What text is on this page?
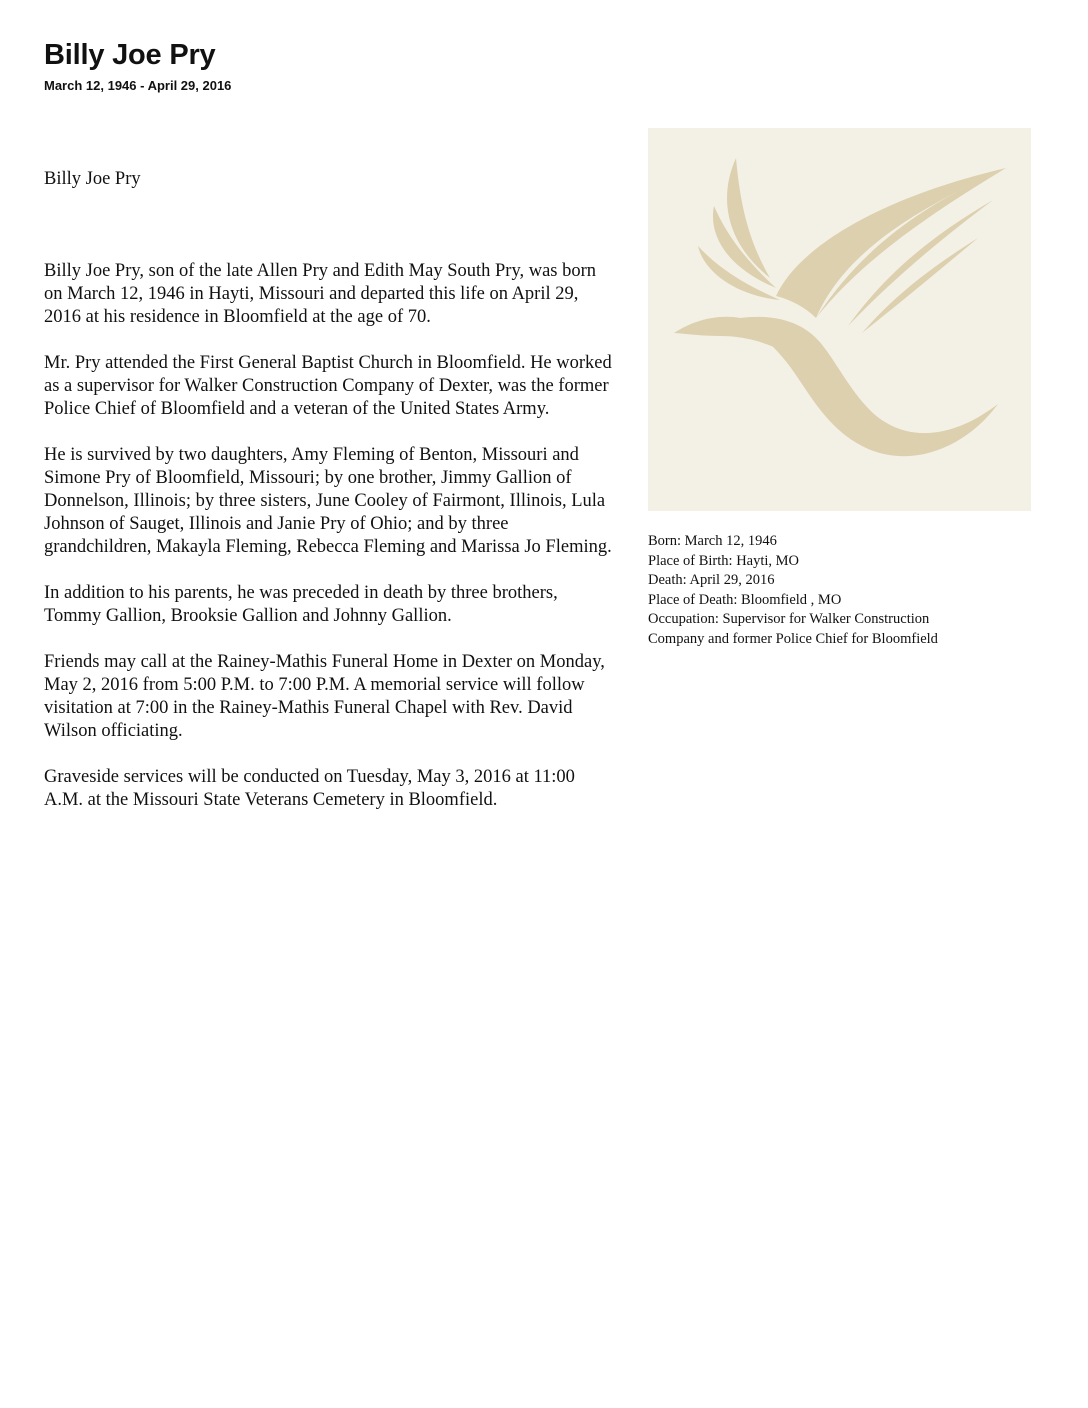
Billy Joe Pry
March 12, 1946 - April 29, 2016

Billy Joe Pry

Billy Joe Pry, son of the late Allen Pry and Edith May South Pry, was born on March 12, 1946 in Hayti, Missouri and departed this life on April 29, 2016 at his residence in Bloomfield at the age of 70.

Mr. Pry attended the First General Baptist Church in Bloomfield. He worked as a supervisor for Walker Construction Company of Dexter, was the former Police Chief of Bloomfield and a veteran of the United States Army.

He is survived by two daughters, Amy Fleming of Benton, Missouri and Simone Pry of Bloomfield, Missouri; by one brother, Jimmy Gallion of Donnelson, Illinois; by three sisters, June Cooley of Fairmont, Illinois, Lula Johnson of Sauget, Illinois and Janie Pry of Ohio; and by three grandchildren, Makayla Fleming, Rebecca Fleming and Marissa Jo Fleming.

In addition to his parents, he was preceded in death by three brothers, Tommy Gallion, Brooksie Gallion and Johnny Gallion.

Friends may call at the Rainey-Mathis Funeral Home in Dexter on Monday, May 2, 2016 from 5:00 P.M. to 7:00 P.M. A memorial service will follow visitation at 7:00 in the Rainey-Mathis Funeral Chapel with Rev. David Wilson officiating.

Graveside services will be conducted on Tuesday, May 3, 2016 at 11:00 A.M. at the Missouri State Veterans Cemetery in Bloomfield.

Born: March 12, 1946
Place of Birth: Hayti, MO
Death: April 29, 2016
Place of Death: Bloomfield , MO
Occupation: Supervisor for Walker Construction
Company and former Police Chief for Bloomfield
